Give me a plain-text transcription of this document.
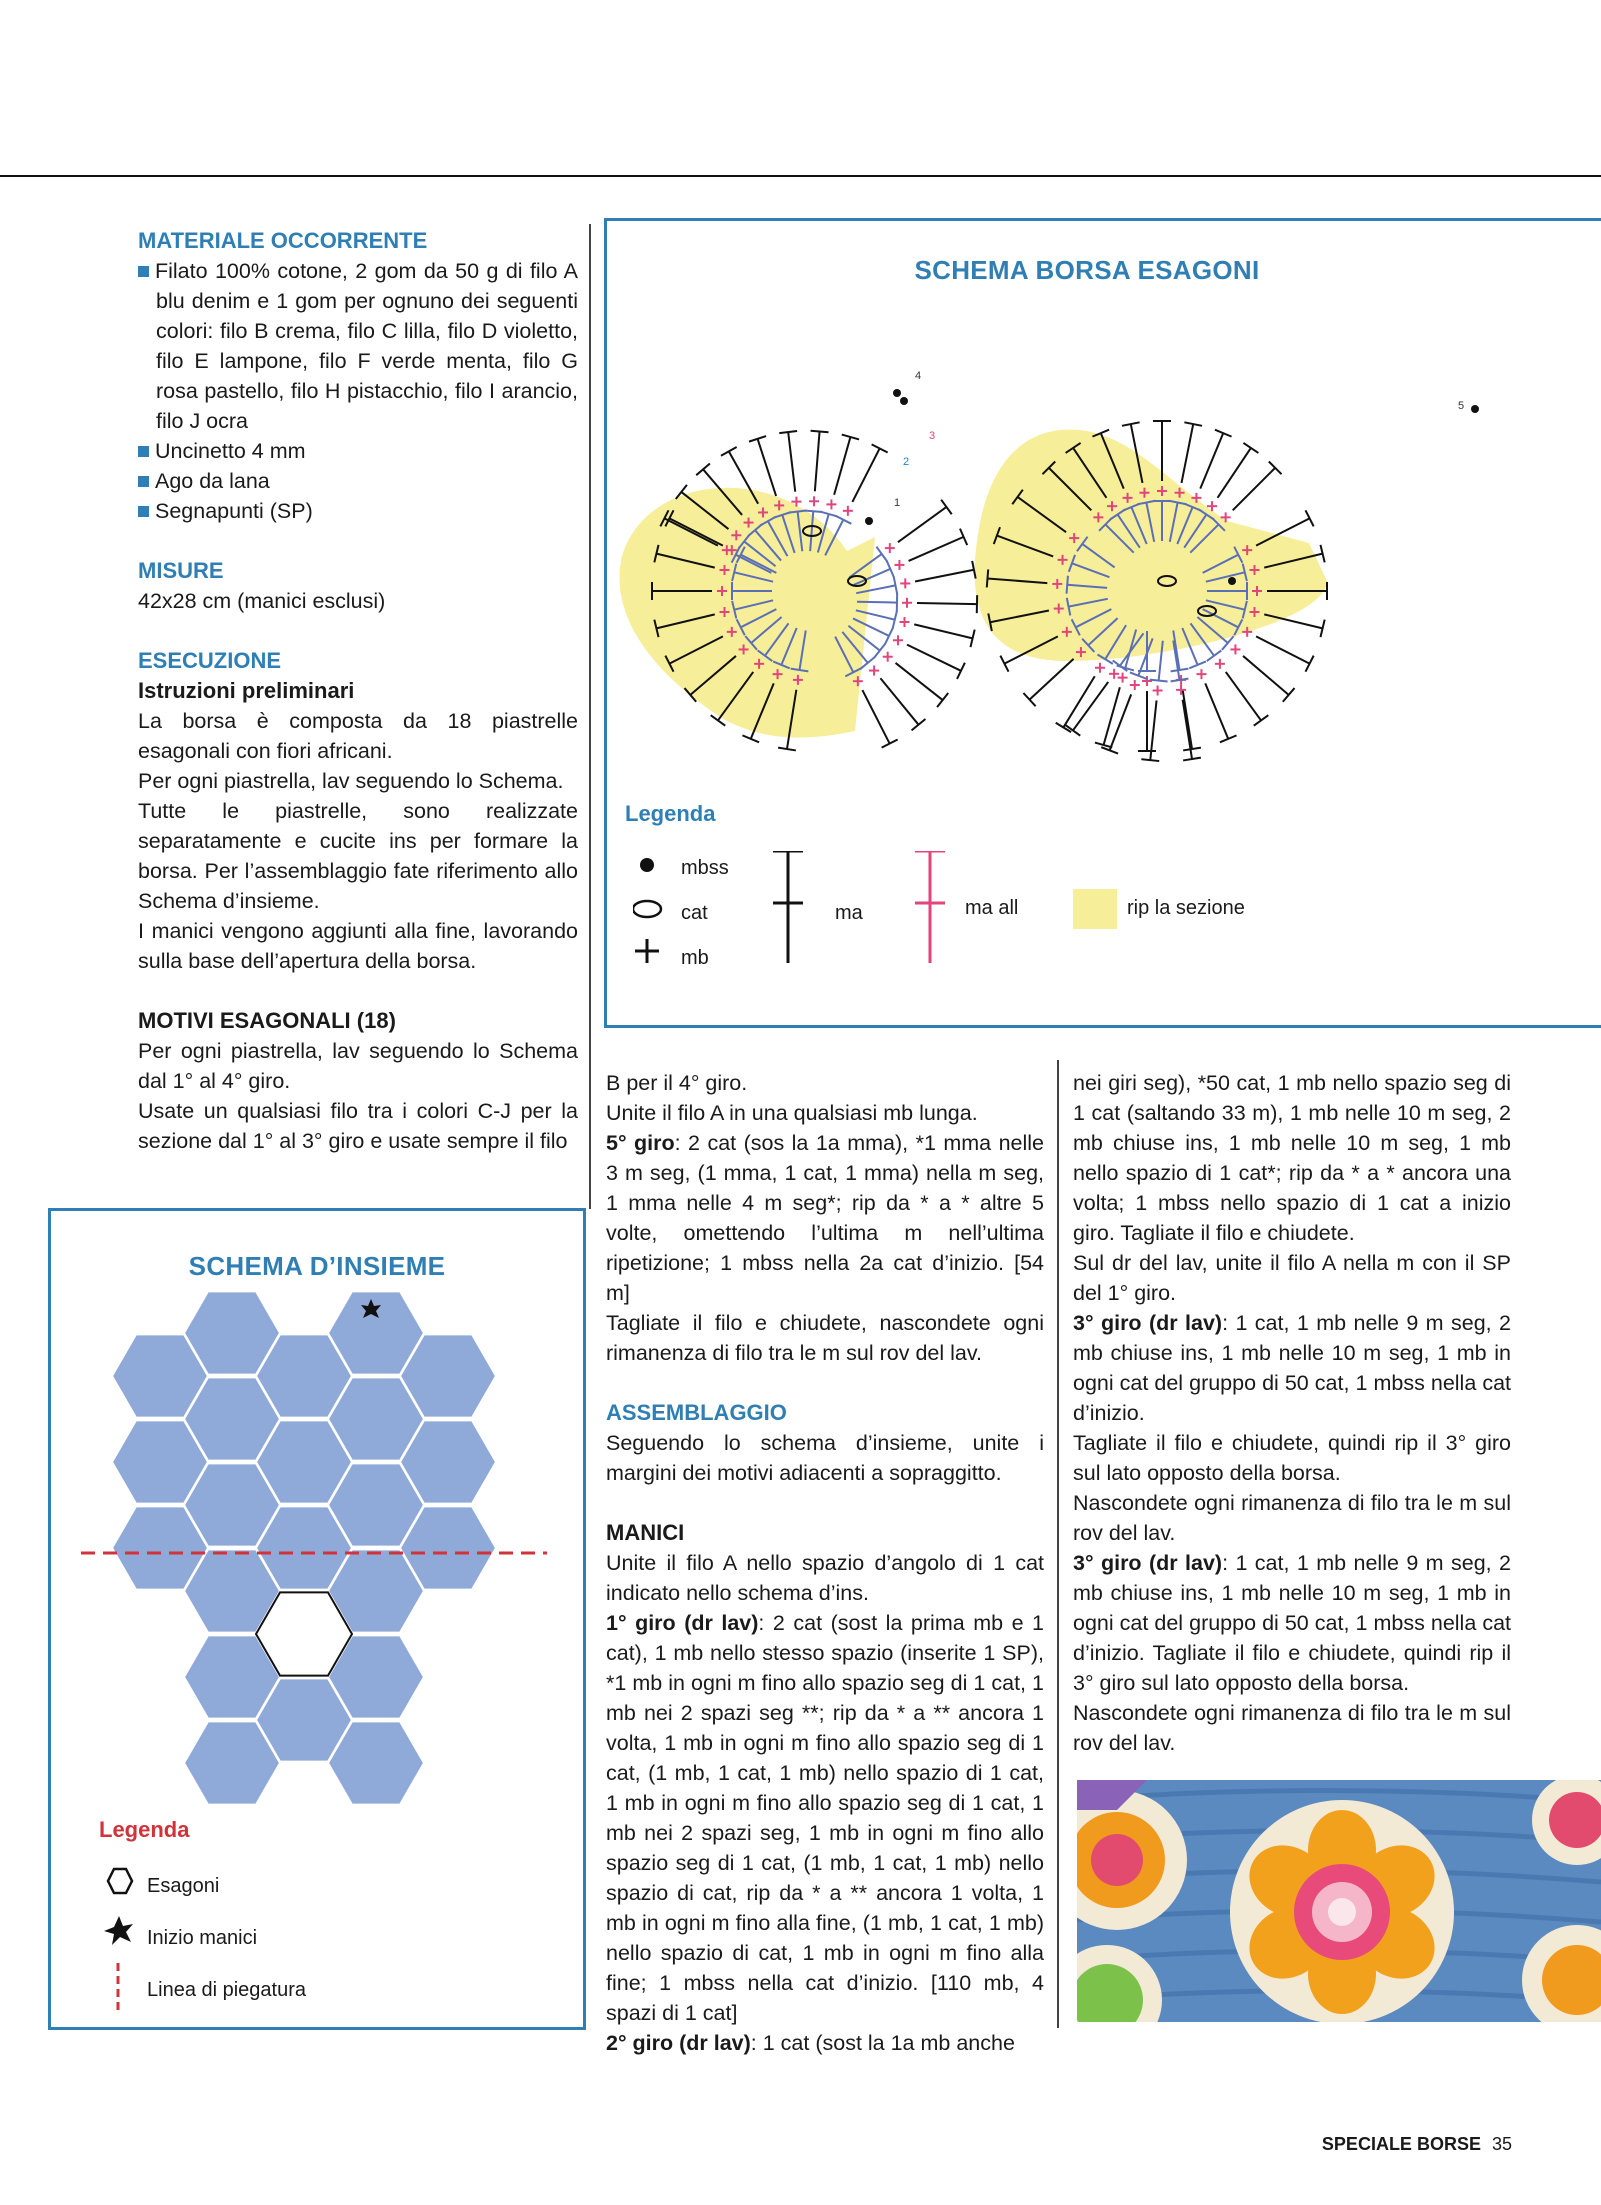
MATERIALE OCCORRENTE

Filato 100% cotone, 2 gom da 50 g di filo A blu denim e 1 gom per ognuno dei seguenti colori: filo B crema, filo C lilla, filo D violetto, filo E lampone, filo F verde menta, filo G rosa pastello, filo H pistacchio, filo I arancio, filo J ocra

Uncinetto 4 mm

Ago da lana

Segnapunti (SP)

MISURE

42x28 cm (manici esclusi)

ESECUZIONE

Istruzioni preliminari

La borsa è composta da 18 piastrelle esagonali con fiori africani.

Per ogni piastrella, lav seguendo lo Schema.

Tutte le piastrelle, sono realizzate separatamente e cucite ins per formare la borsa. Per l’assemblaggio fate riferimento allo Schema d’insieme.

I manici vengono aggiunti alla fine, lavorando sulla base dell’apertura della borsa.

MOTIVI ESAGONALI (18)

Per ogni piastrella, lav seguendo lo Schema dal 1° al 4° giro.

Usate un qualsiasi filo tra i colori C-J per la sezione dal 1° al 3° giro e usate sempre il filo

SCHEMA D’INSIEME
Legenda
Esagoni
Inizio manici
Linea di piegatura
SCHEMA BORSA ESAGONI
1
2
3
4
5
Legenda
mbss
cat
mb
ma	ma all	rip la sezione

B per il 4° giro.

Unite il filo A in una qualsiasi mb lunga.

5° giro: 2 cat (sos la 1a mma), *1 mma nelle 3 m seg, (1 mma, 1 cat, 1 mma) nella m seg, 1 mma nelle 4 m seg*; rip da * a * altre 5 volte, omettendo l’ultima m nell’ultima ripetizione; 1 mbss nella 2a cat d’inizio. [54 m]

Tagliate il filo e chiudete, nascondete ogni rimanenza di filo tra le m sul rov del lav.

ASSEMBLAGGIO

Seguendo lo schema d’insieme, unite i margini dei motivi adiacenti a sopraggitto.

MANICI

Unite il filo A nello spazio d’angolo di 1 cat indicato nello schema d’ins.

1° giro (dr lav): 2 cat (sost la prima mb e 1 cat), 1 mb nello stesso spazio (inserite 1 SP), *1 mb in ogni m fino allo spazio seg di 1 cat, 1 mb nei 2 spazi seg **; rip da * a ** ancora 1 volta, 1 mb in ogni m fino allo spazio seg di 1 cat, (1 mb, 1 cat, 1 mb) nello spazio di 1 cat, 1 mb in ogni m fino allo spazio seg di 1 cat, 1 mb nei 2 spazi seg, 1 mb in ogni m fino allo spazio seg di 1 cat, (1 mb, 1 cat, 1 mb) nello spazio di cat, rip da * a ** ancora 1 volta, 1 mb in ogni m fino alla fine, (1 mb, 1 cat, 1 mb) nello spazio di cat, 1 mb in ogni m fino alla fine; 1 mbss nella cat d’inizio. [110 mb, 4 spazi di 1 cat]

2° giro (dr lav): 1 cat (sost la 1a mb anche

nei giri seg), *50 cat, 1 mb nello spazio seg di 1 cat (saltando 33 m), 1 mb nelle 10 m seg, 2 mb chiuse ins, 1 mb nelle 10 m seg, 1 mb nello spazio di 1 cat*; rip da * a * ancora una volta; 1 mbss nello spazio di 1 cat a inizio giro. Tagliate il filo e chiudete.

Sul dr del lav, unite il filo A nella m con il SP del 1° giro.

3° giro (dr lav): 1 cat, 1 mb nelle 9 m seg, 2 mb chiuse ins, 1 mb nelle 10 m seg, 1 mb in ogni cat del gruppo di 50 cat, 1 mbss nella cat d’inizio.

Tagliate il filo e chiudete, quindi rip il 3° giro sul lato opposto della borsa.

Nascondete ogni rimanenza di filo tra le m sul rov del lav.

3° giro (dr lav): 1 cat, 1 mb nelle 9 m seg, 2 mb chiuse ins, 1 mb nelle 10 m seg, 1 mb in ogni cat del gruppo di 50 cat, 1 mbss nella cat d’inizio. Tagliate il filo e chiudete, quindi rip il 3° giro sul lato opposto della borsa.

Nascondete ogni rimanenza di filo tra le m sul rov del lav.

SPECIALE BORSE 35
